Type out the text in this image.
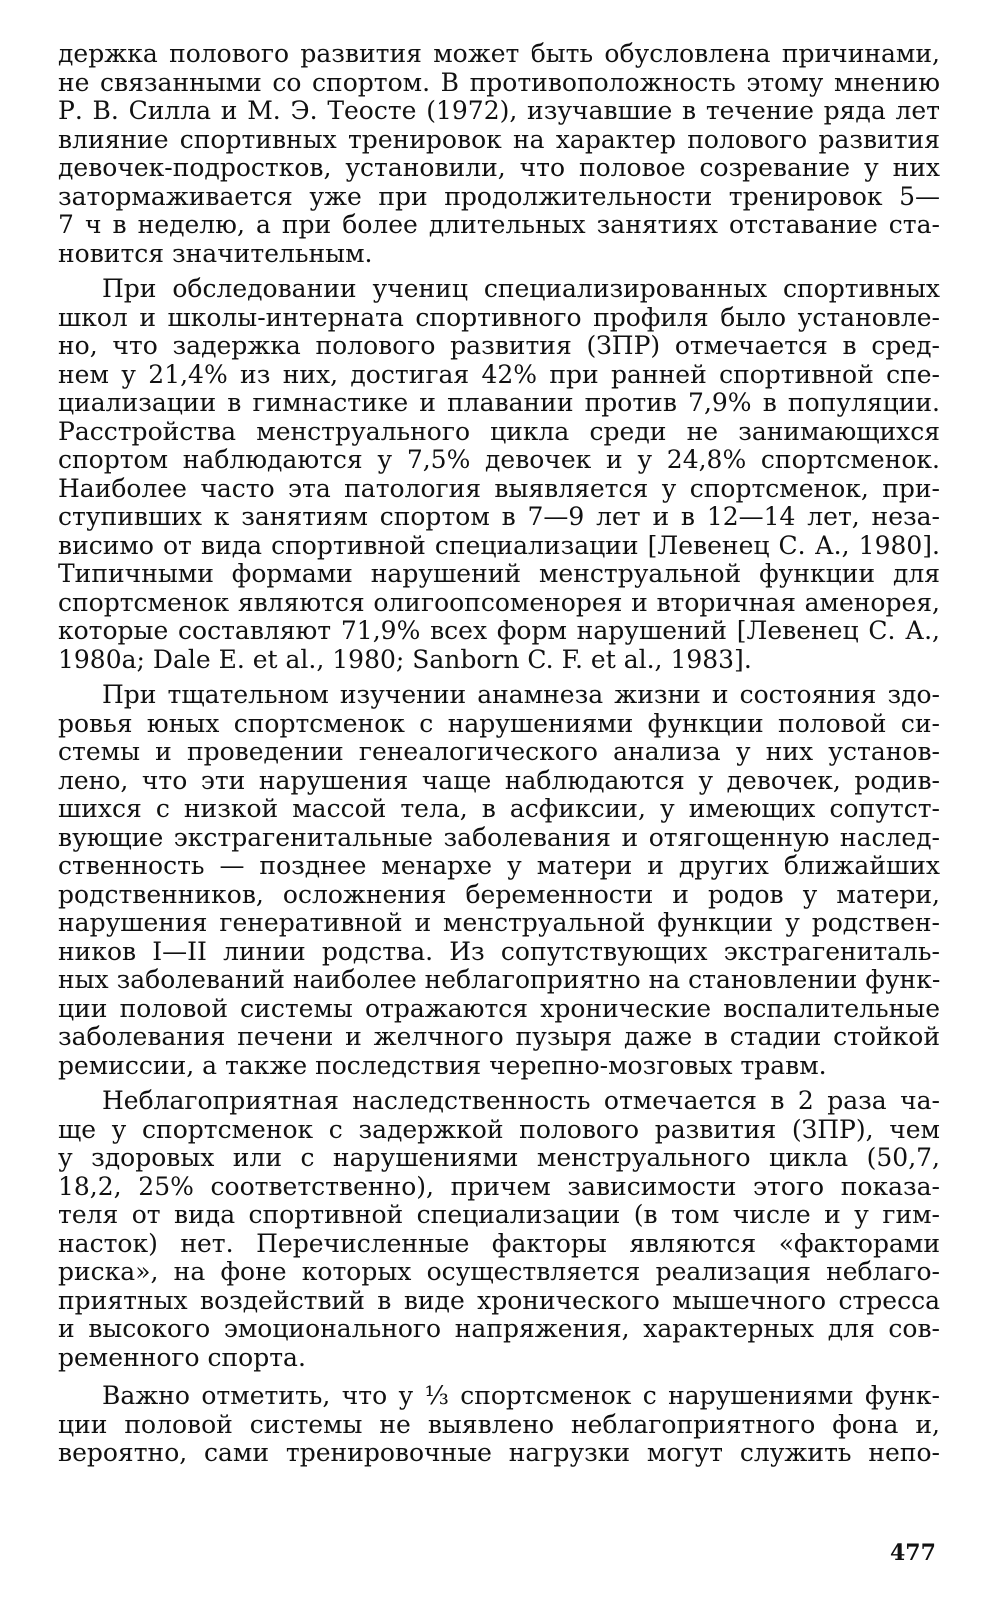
держка полового развития может быть обусловлена причинами,
не связанными со спортом. В противоположность этому мнению
Р. В. Силла и М. Э. Теосте (1972), изучавшие в течение ряда лет
влияние спортивных тренировок на характер полового развития
девочек-подростков, установили, что половое созревание у них
затормаживается уже при продолжительности тренировок 5—
7 ч в неделю, а при более длительных занятиях отставание ста-
новится значительным.
При обследовании учениц специализированных спортивных
школ и школы-интерната спортивного профиля было установле-
но, что задержка полового развития (ЗПР) отмечается в сред-
нем у 21,4% из них, достигая 42% при ранней спортивной спе-
циализации в гимнастике и плавании против 7,9% в популяции.
Расстройства менструального цикла среди не занимающихся
спортом наблюдаются у 7,5% девочек и у 24,8% спортсменок.
Наиболее часто эта патология выявляется у спортсменок, при-
ступивших к занятиям спортом в 7—9 лет и в 12—14 лет, неза-
висимо от вида спортивной специализации [Левенец С. А., 1980].
Типичными формами нарушений менструальной функции для
спортсменок являются олигоопсоменорея и вторичная аменорея,
которые составляют 71,9% всех форм нарушений [Левенец С. А.,
1980a; Dale E. et al., 1980; Sanborn C. F. et al., 1983].
При тщательном изучении анамнеза жизни и состояния здо-
ровья юных спортсменок с нарушениями функции половой си-
стемы и проведении генеалогического анализа у них установ-
лено, что эти нарушения чаще наблюдаются у девочек, родив-
шихся с низкой массой тела, в асфиксии, у имеющих сопутст-
вующие экстрагенитальные заболевания и отягощенную наслед-
ственность — позднее менархе у матери и других ближайших
родственников, осложнения беременности и родов у матери,
нарушения генеративной и менструальной функции у родствен-
ников I—II линии родства. Из сопутствующих экстрагениталь-
ных заболеваний наиболее неблагоприятно на становлении функ-
ции половой системы отражаются хронические воспалительные
заболевания печени и желчного пузыря даже в стадии стойкой
ремиссии, а также последствия черепно-мозговых травм.
Неблагоприятная наследственность отмечается в 2 раза ча-
ще у спортсменок с задержкой полового развития (ЗПР), чем
у здоровых или с нарушениями менструального цикла (50,7,
18,2, 25% соответственно), причем зависимости этого показа-
теля от вида спортивной специализации (в том числе и у гим-
насток) нет. Перечисленные факторы являются «факторами
риска», на фоне которых осуществляется реализация неблаго-
приятных воздействий в виде хронического мышечного стресса
и высокого эмоционального напряжения, характерных для сов-
ременного спорта.
Важно отметить, что у ⅓ спортсменок с нарушениями функ-
ции половой системы не выявлено неблагоприятного фона и,
вероятно, сами тренировочные нагрузки могут служить непо-
477
